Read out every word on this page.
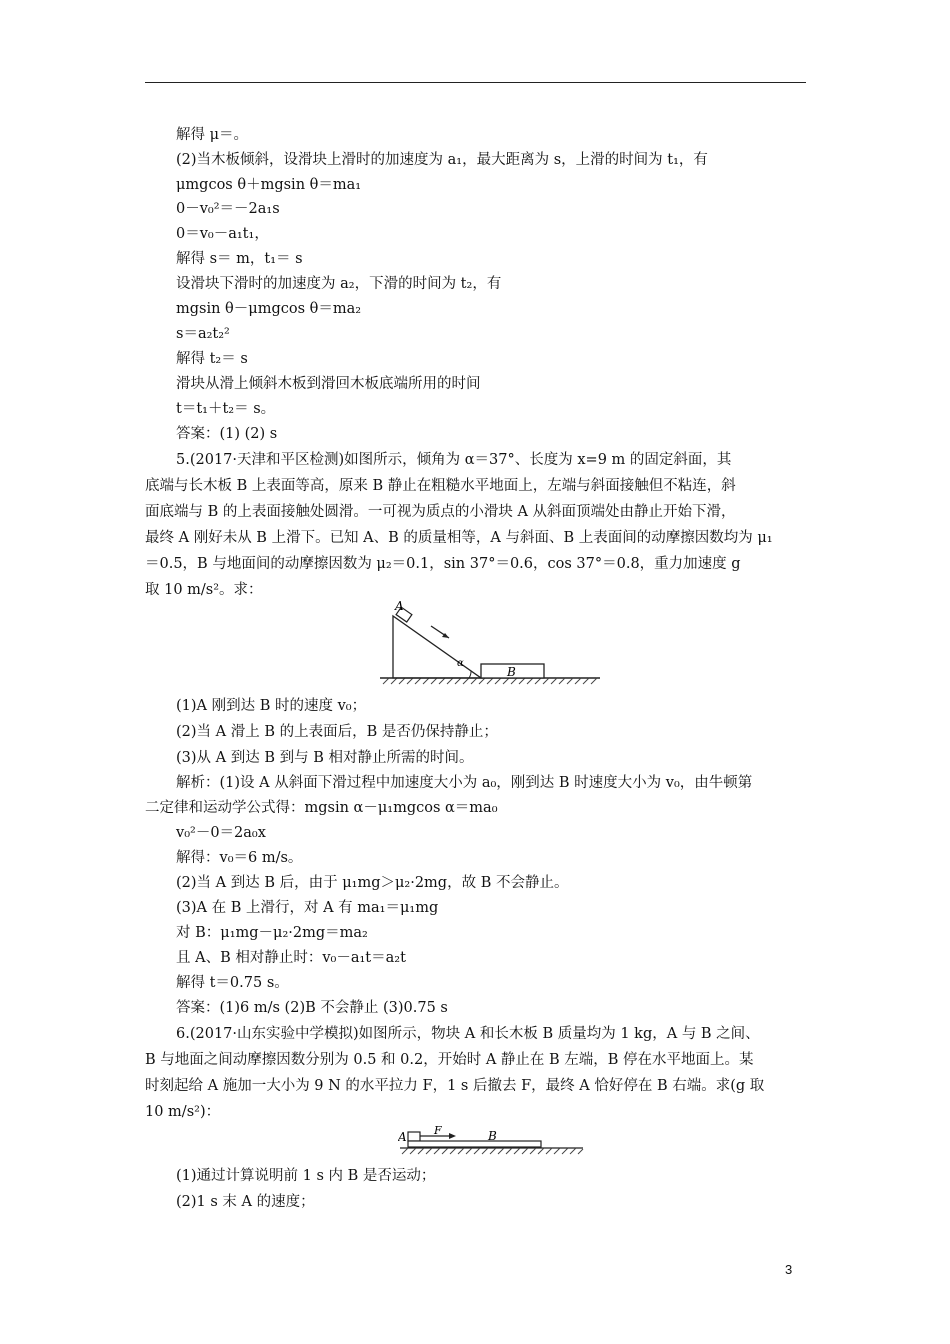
解得 μ＝。
(2)当木板倾斜，设滑块上滑时的加速度为 a₁，最大距离为 s，上滑的时间为 t₁，有
μmgcos θ＋mgsin θ＝ma₁
0－v₀²＝－2a₁s
0＝v₀－a₁t₁，
解得 s＝ m，t₁＝ s
设滑块下滑时的加速度为 a₂，下滑的时间为 t₂，有
mgsin θ－μmgcos θ＝ma₂
s＝a₂t₂²
解得 t₂＝ s
滑块从滑上倾斜木板到滑回木板底端所用的时间
t＝t₁＋t₂＝ s。
答案：(1) (2) s
5.(2017·天津和平区检测)如图所示，倾角为 α＝37°、长度为 x=9 m 的固定斜面，其
底端与长木板 B 上表面等高，原来 B 静止在粗糙水平地面上，左端与斜面接触但不粘连，斜
面底端与 B 的上表面接触处圆滑。一可视为质点的小滑块 A 从斜面顶端处由静止开始下滑，
最终 A 刚好未从 B 上滑下。已知 A、B 的质量相等，A 与斜面、B 上表面间的动摩擦因数均为 μ₁
＝0.5，B 与地面间的动摩擦因数为 μ₂＝0.1，sin 37°＝0.6，cos 37°＝0.8，重力加速度 g
取 10 m/s²。求：
(1)A 刚到达 B 时的速度 v₀；
(2)当 A 滑上 B 的上表面后，B 是否仍保持静止；
(3)从 A 到达 B 到与 B 相对静止所需的时间。
解析：(1)设 A 从斜面下滑过程中加速度大小为 a₀，刚到达 B 时速度大小为 v₀，由牛顿第
二定律和运动学公式得：mgsin α－μ₁mgcos α＝ma₀
v₀²－0＝2a₀x
解得：v₀＝6 m/s。
(2)当 A 到达 B 后，由于 μ₁mg＞μ₂·2mg，故 B 不会静止。
(3)A 在 B 上滑行，对 A 有 ma₁＝μ₁mg
对 B：μ₁mg－μ₂·2mg＝ma₂
且 A、B 相对静止时：v₀－a₁t＝a₂t
解得 t＝0.75 s。
答案：(1)6 m/s (2)B 不会静止 (3)0.75 s
6.(2017·山东实验中学模拟)如图所示，物块 A 和长木板 B 质量均为 1 kg，A 与 B 之间、
B 与地面之间动摩擦因数分别为 0.5 和 0.2，开始时 A 静止在 B 左端，B 停在水平地面上。某
时刻起给 A 施加一大小为 9 N 的水平拉力 F，1 s 后撤去 F，最终 A 恰好停在 B 右端。求(g 取
10 m/s²)：
(1)通过计算说明前 1 s 内 B 是否运动；
(2)1 s 末 A 的速度；
A
α
B
A F	B
3
